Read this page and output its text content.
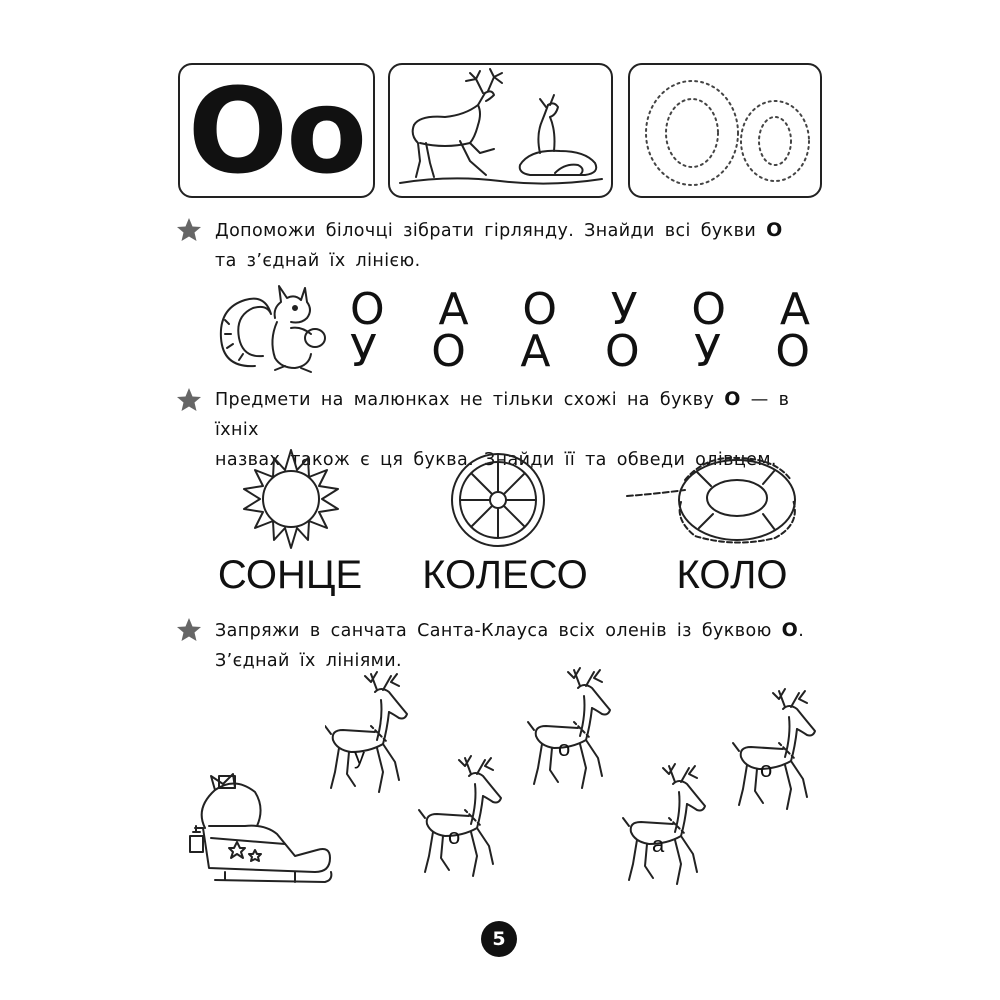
Oo
Допоможи білочці зібрати гірлянду. Знайди всі букви О
та з’єднай їх лінією.
О А О У О А
У О А О У О
Предмети на малюнках не тільки схожі на букву О — в їхніх
назвах також є ця буква. Знайди її та обведи олівцем.
СОНЦЕ КОЛЕСО КОЛО
Запряжи в санчата Санта-Клауса всіх оленів із буквою О.
З’єднай їх лініями.
у
о
о
а
о
5
